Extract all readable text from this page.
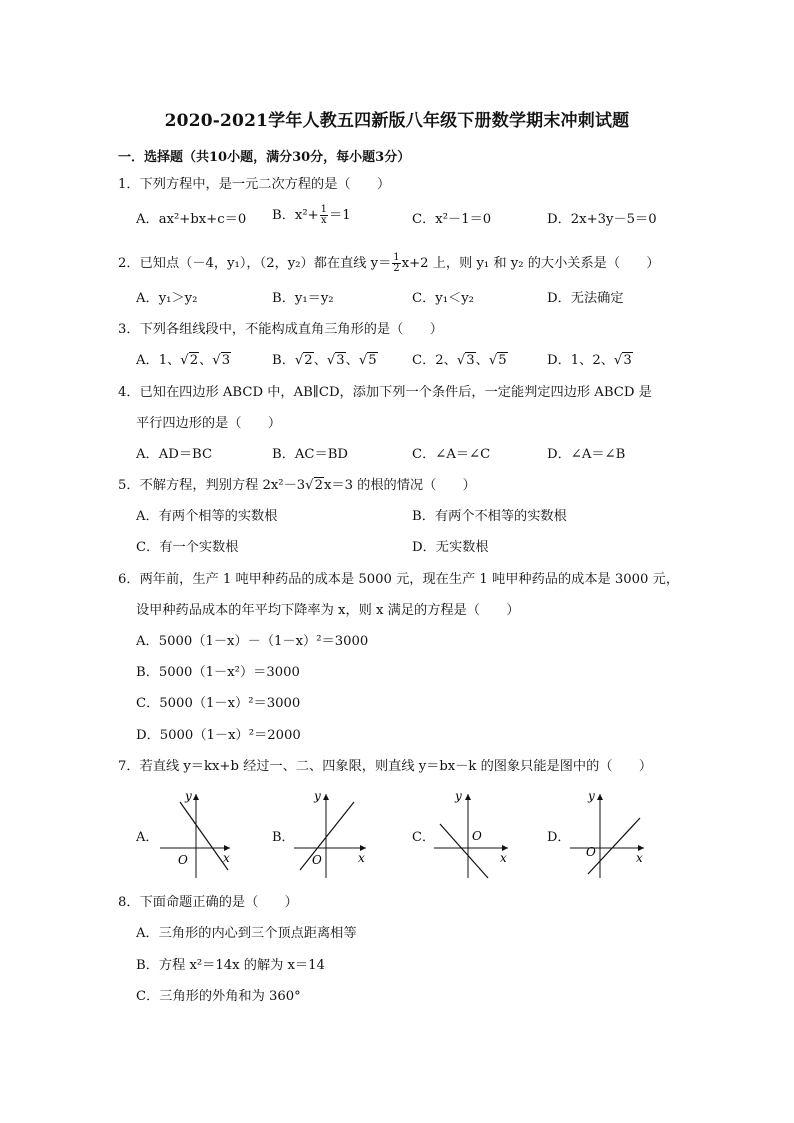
2020-2021学年人教五四新版八年级下册数学期末冲刺试题
一．选择题（共10小题，满分30分，每小题3分）
1．下列方程中，是一元二次方程的是（　　）
A．ax²+bx+c＝0 B．$x^2+ \frac{1}{x} =1$	C．x²－1＝0	D．2x+3y－5＝0
2．已知点（－4，y₁），（2，y₂）都在直线 $y= \frac{1}{2} x+2$ 上，则 y₁ 和 y₂ 的大小关系是（　　）
A．y₁＞y₂	B．y₁＝y₂	C．y₁＜y₂	D．无法确定
3．下列各组线段中，不能构成直角三角形的是（　　）
A．1、√2、√3	B．√2、√3、√5	C．2、√3、√5	D．1、2、√3
4．已知在四边形 ABCD 中，AB∥CD，添加下列一个条件后，一定能判定四边形 ABCD 是
平行四边形的是（　　）
A．AD＝BC	B．AC＝BD	C．∠A＝∠C	D．∠A＝∠B
5．不解方程，判别方程 2x²－3√2x＝3 的根的情况（　　）
A．有两个相等的实数根	B．有两个不相等的实数根
C．有一个实数根	D．无实数根
6．两年前，生产 1 吨甲种药品的成本是 5000 元，现在生产 1 吨甲种药品的成本是 3000 元，
设甲种药品成本的年平均下降率为 x，则 x 满足的方程是（　　）
A．5000（1－x）－（1－x）²＝3000
B．5000（1－x²）＝3000
C．5000（1－x）²＝3000
D．5000（1－x）²＝2000
7．若直线 y＝kx+b 经过一、二、四象限，则直线 y＝bx－k 的图象只能是图中的（　　）
A．
y
x
O
B．
y
x
O
C．
y
x
O	D．
y
x
O
8．下面命题正确的是（　　）
A．三角形的内心到三个顶点距离相等
B．方程 x²＝14x 的解为 x＝14
C．三角形的外角和为 360°
